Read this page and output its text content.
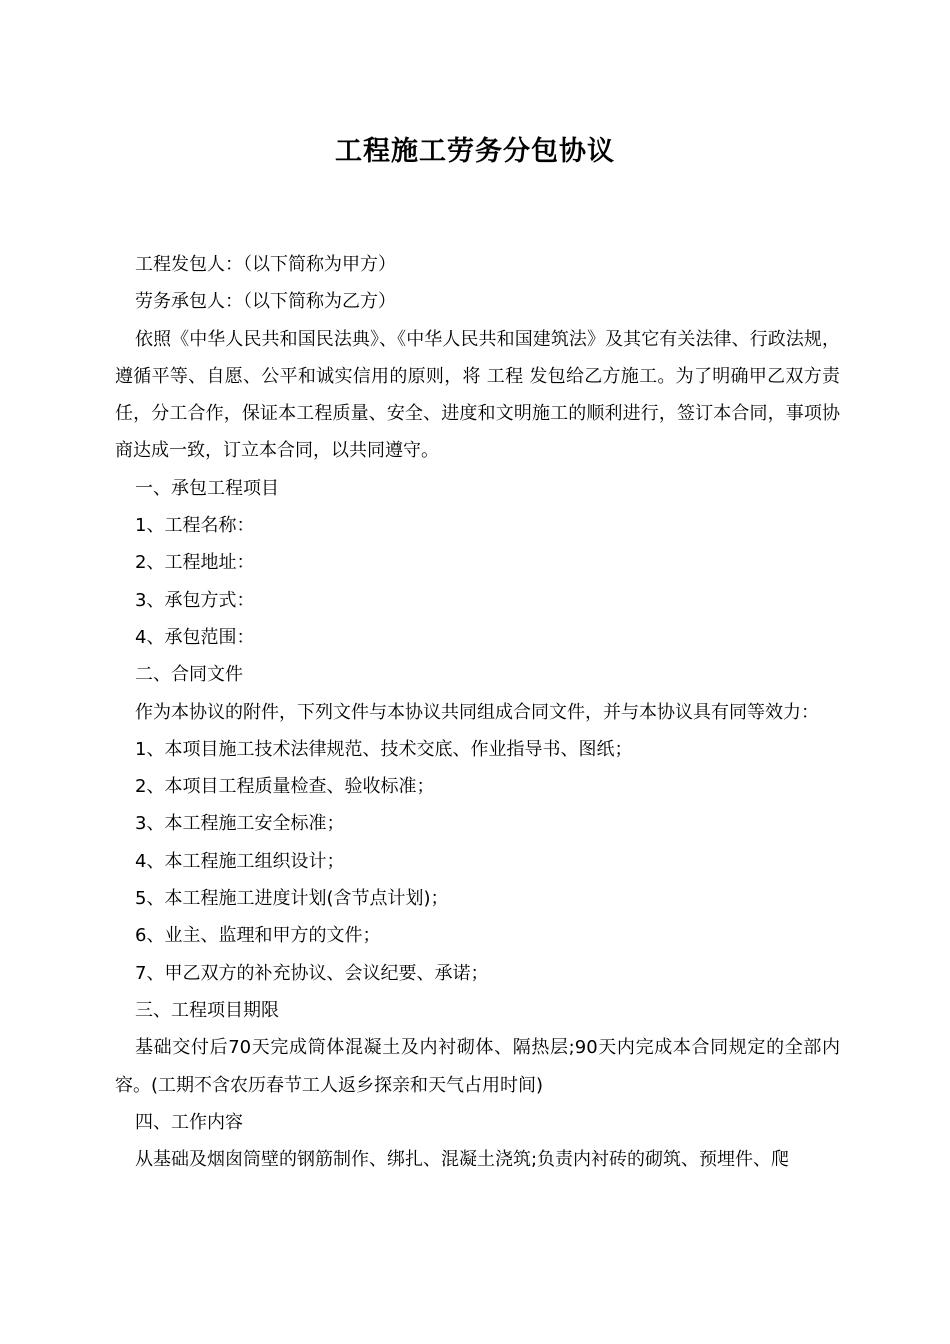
工程施工劳务分包协议

工程发包人：（以下简称为甲方）

劳务承包人：（以下简称为乙方）

依照《中华人民共和国民法典》、《中华人民共和国建筑法》及其它有关法律、行政法规，遵循平等、自愿、公平和诚实信用的原则，将 工程 发包给乙方施工。为了明确甲乙双方责任，分工合作，保证本工程质量、安全、进度和文明施工的顺利进行，签订本合同，事项协商达成一致，订立本合同，以共同遵守。

一、承包工程项目

1、工程名称：

2、工程地址：

3、承包方式：

4、承包范围：

二、合同文件

作为本协议的附件，下列文件与本协议共同组成合同文件，并与本协议具有同等效力：

1、本项目施工技术法律规范、技术交底、作业指导书、图纸；

2、本项目工程质量检查、验收标准；

3、本工程施工安全标准；

4、本工程施工组织设计；

5、本工程施工进度计划(含节点计划)；

6、业主、监理和甲方的文件；

7、甲乙双方的补充协议、会议纪要、承诺；

三、工程项目期限

基础交付后70天完成筒体混凝土及内衬砌体、隔热层;90天内完成本合同规定的全部内容。(工期不含农历春节工人返乡探亲和天气占用时间)

四、工作内容

从基础及烟囱筒壁的钢筋制作、绑扎、混凝土浇筑;负责内衬砖的砌筑、预埋件、爬
